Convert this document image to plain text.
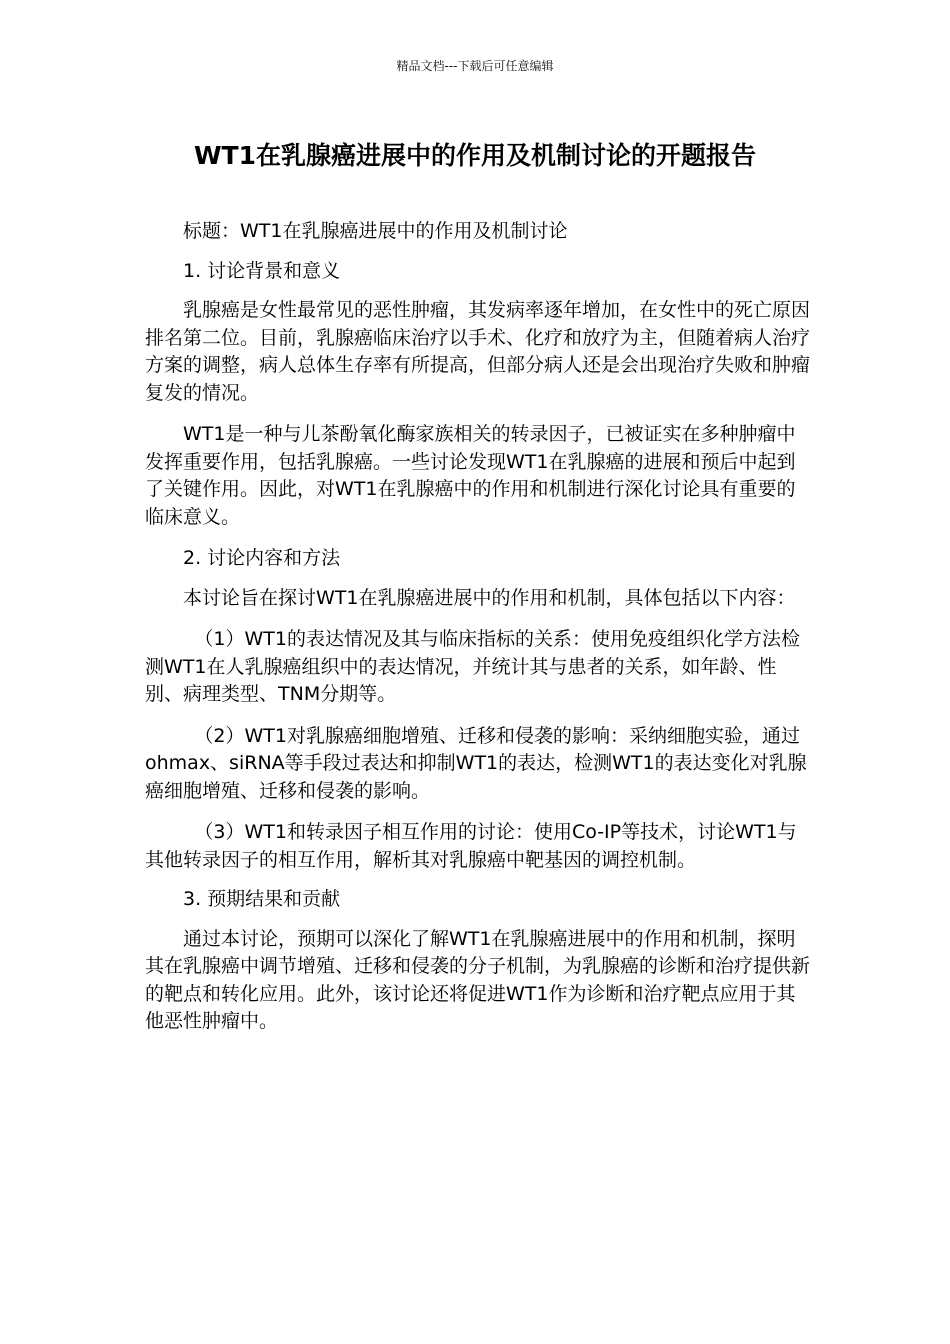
精品文档---下载后可任意编辑
WT1在乳腺癌进展中的作用及机制讨论的开题报告

标题：WT1在乳腺癌进展中的作用及机制讨论

1. 讨论背景和意义

乳腺癌是女性最常见的恶性肿瘤，其发病率逐年增加，在女性中的死亡原因排名第二位。目前，乳腺癌临床治疗以手术、化疗和放疗为主，但随着病人治疗方案的调整，病人总体生存率有所提高，但部分病人还是会出现治疗失败和肿瘤复发的情况。

WT1是一种与儿茶酚氧化酶家族相关的转录因子，已被证实在多种肿瘤中发挥重要作用，包括乳腺癌。一些讨论发现WT1在乳腺癌的进展和预后中起到了关键作用。因此，对WT1在乳腺癌中的作用和机制进行深化讨论具有重要的临床意义。

2. 讨论内容和方法

本讨论旨在探讨WT1在乳腺癌进展中的作用和机制，具体包括以下内容：

（1）WT1的表达情况及其与临床指标的关系：使用免疫组织化学方法检测WT1在人乳腺癌组织中的表达情况，并统计其与患者的关系，如年龄、性别、病理类型、TNM分期等。

（2）WT1对乳腺癌细胞增殖、迁移和侵袭的影响：采纳细胞实验，通过ohmax、siRNA等手段过表达和抑制WT1的表达，检测WT1的表达变化对乳腺癌细胞增殖、迁移和侵袭的影响。

（3）WT1和转录因子相互作用的讨论：使用Co-IP等技术，讨论WT1与其他转录因子的相互作用，解析其对乳腺癌中靶基因的调控机制。

3. 预期结果和贡献

通过本讨论，预期可以深化了解WT1在乳腺癌进展中的作用和机制，探明其在乳腺癌中调节增殖、迁移和侵袭的分子机制，为乳腺癌的诊断和治疗提供新的靶点和转化应用。此外，该讨论还将促进WT1作为诊断和治疗靶点应用于其他恶性肿瘤中。
